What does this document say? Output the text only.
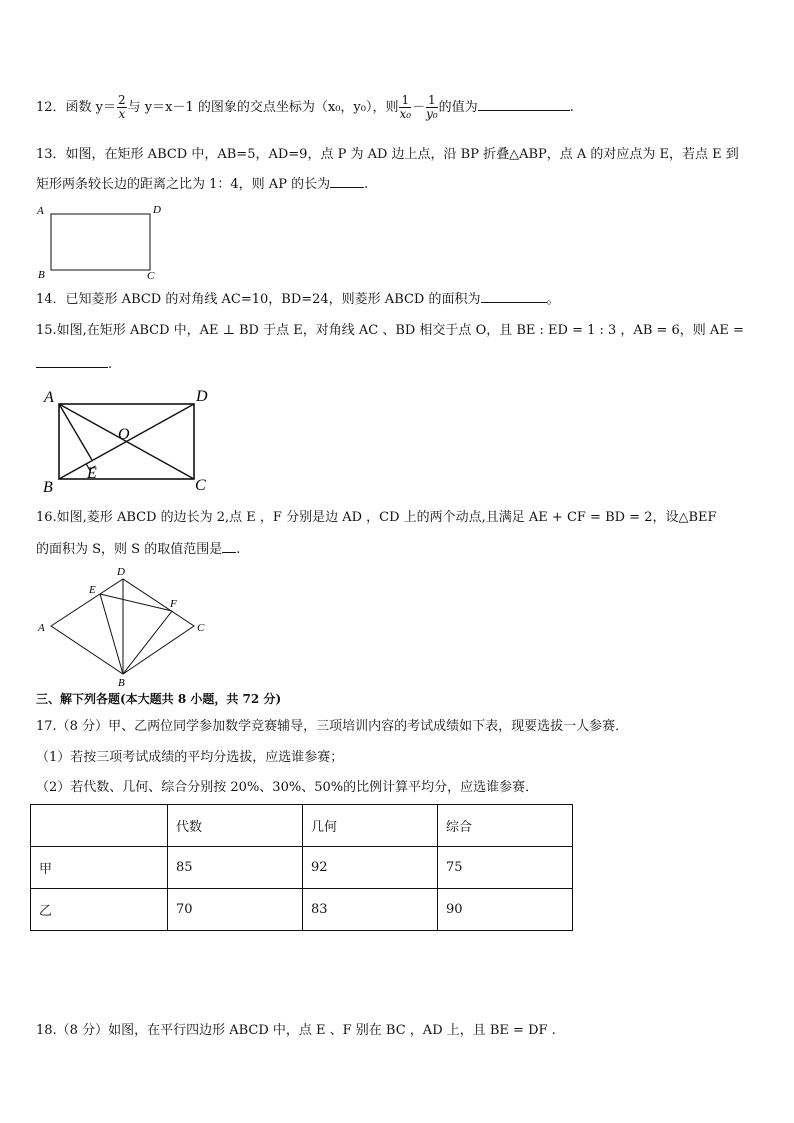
12．函数 $y= \frac{2}{x}$ 与 y＝x－1 的图象的交点坐标为（x₀，y₀），则 $\frac{1}{\text{x₀}} - \frac{1}{\text{y₀}}$ 的值为	.
13．如图，在矩形 ABCD 中，AB=5，AD=9，点 P 为 AD 边上点，沿 BP 折叠△ABP，点 A 的对应点为 E，若点 E 到
矩形两条较长边的距离之比为 1：4，则 AP 的长为	.
A	D
B	C
14．已知菱形 ABCD 的对角线 AC=10，BD=24，则菱形 ABCD 的面积为	。
15.如图,在矩形 ABCD 中，AE ⊥ BD 于点 E，对角线 AC 、BD 相交于点 O，且 BE : ED = 1 : 3 ，AB = 6，则 AE =
.
A	D
B	C
O
E
16.如图,菱形 ABCD 的边长为 2,点 E ，F 分别是边 AD ，CD 上的两个动点,且满足 AE + CF = BD = 2，设△BEF
的面积为 S，则 S 的取值范围是 .
A
D
E
F
C
B
三、解下列各题(本大题共 8 小题，共 72 分)
17.（8 分）甲、乙两位同学参加数学竞赛辅导，三项培训内容的考试成绩如下表，现要选拔一人参赛．
（1）若按三项考试成绩的平均分选拔，应选谁参赛；
（2）若代数、几何、综合分别按 20%、30%、50%的比例计算平均分，应选谁参赛．
	代数	几何	综合
甲	85	92	75
乙	70	83	90
18.（8 分）如图，在平行四边形 ABCD 中，点 E 、F 别在 BC ，AD 上，且 BE = DF .
